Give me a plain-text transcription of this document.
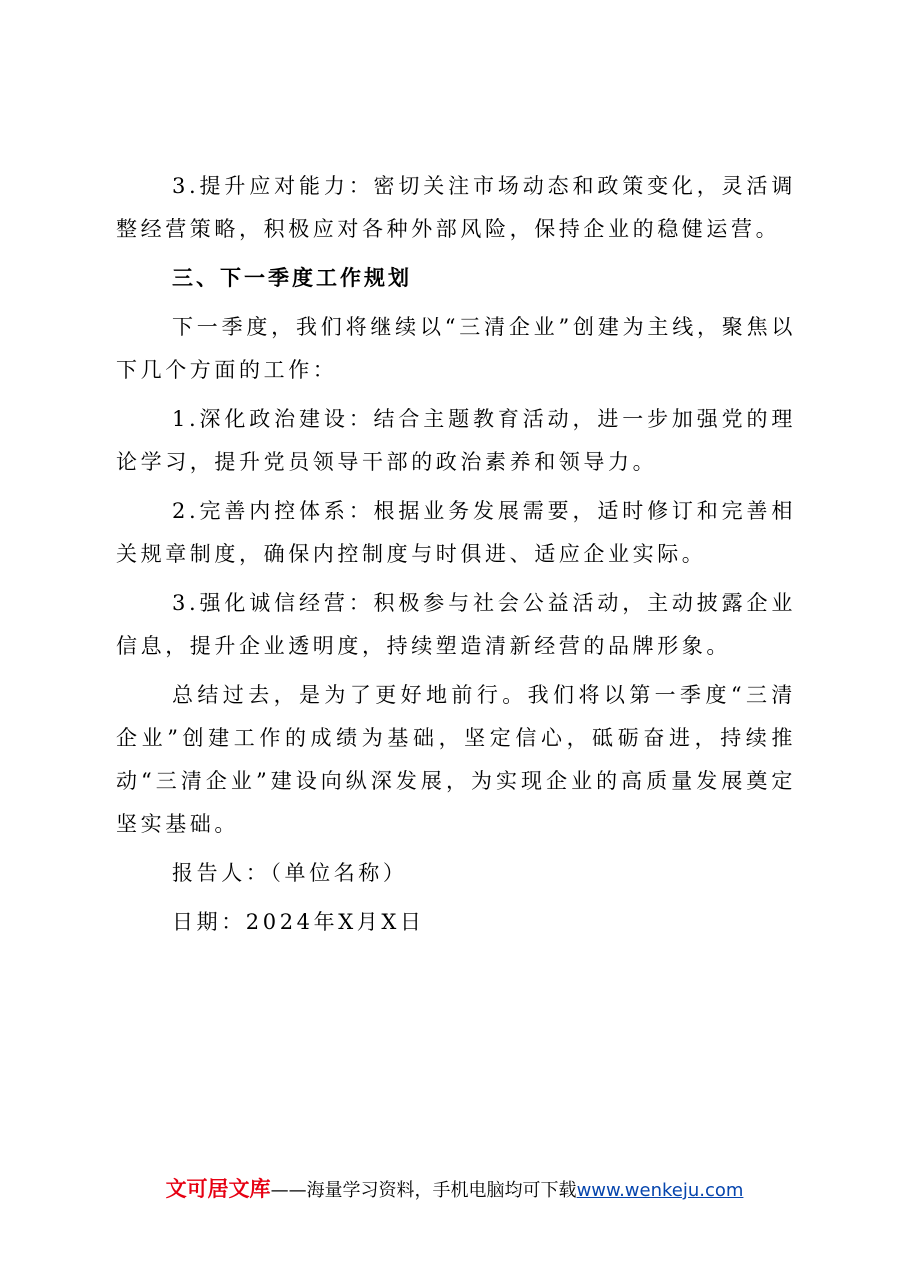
3.提升应对能力：密切关注市场动态和政策变化，灵活调整经营策略，积极应对各种外部风险，保持企业的稳健运营。

三、下一季度工作规划

下一季度，我们将继续以“三清企业”创建为主线，聚焦以下几个方面的工作：

1.深化政治建设：结合主题教育活动，进一步加强党的理论学习，提升党员领导干部的政治素养和领导力。

2.完善内控体系：根据业务发展需要，适时修订和完善相关规章制度，确保内控制度与时俱进、适应企业实际。

3.强化诚信经营：积极参与社会公益活动，主动披露企业信息，提升企业透明度，持续塑造清新经营的品牌形象。

总结过去，是为了更好地前行。我们将以第一季度“三清企业”创建工作的成绩为基础，坚定信心，砥砺奋进，持续推动“三清企业”建设向纵深发展，为实现企业的高质量发展奠定坚实基础。

报告人：（单位名称）

日期：2024年X月X日

文可居文库——海量学习资料，手机电脑均可下载www.wenkeju.com
